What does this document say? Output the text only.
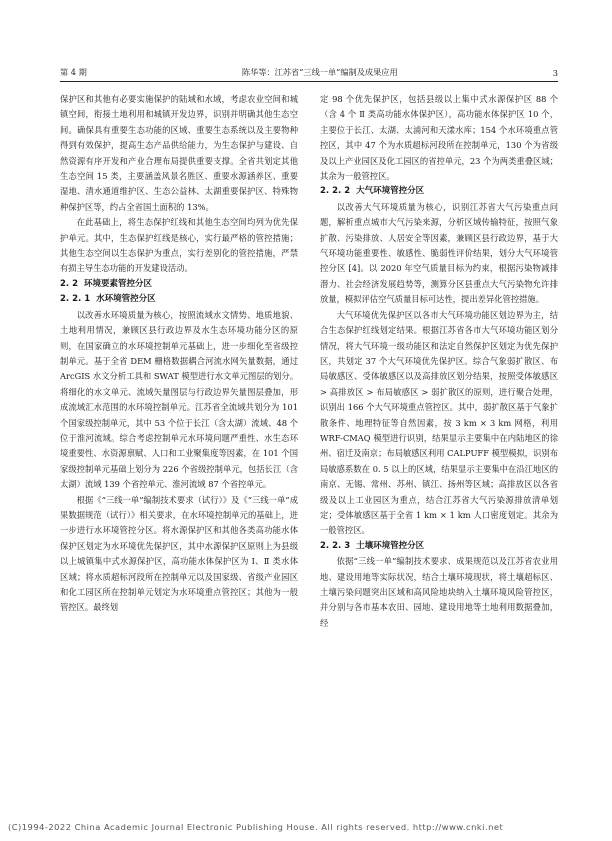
第 4 期	陈华等：江苏省“三线一单”编制及成果应用	3

保护区和其他有必要实施保护的陆域和水域，考虑农业空间和城镇空间，衔接土地利用和城镇开发边界，识别并明确其他生态空间。确保具有重要生态功能的区域、重要生态系统以及主要物种得到有效保护，提高生态产品供给能力，为生态保护与建设、自然资源有序开发和产业合理布局提供重要支撑。全省共划定其他生态空间 15 类，主要涵盖风景名胜区、重要水源涵养区、重要湿地、清水通道维护区、生态公益林、太湖重要保护区、特殊物种保护区等，约占全省国土面积的 13%。

在此基础上，将生态保护红线和其他生态空间均列为优先保护单元。其中，生态保护红线是核心，实行最严格的管控措施；其他生态空间以生态保护为重点，实行差别化的管控措施，严禁有损主导生态功能的开发建设活动。

2. 2 环境要素管控分区
2. 2. 1 水环境管控分区

以改善水环境质量为核心，按照流域水文情势、地质地貌、土地利用情况，兼顾区县行政边界及水生态环境功能分区的原则，在国家确立的水环境控制单元基础上，进一步细化至省级控制单元。基于全省 DEM 栅格数据耦合河流水网矢量数据，通过 ArcGIS 水文分析工具和 SWAT 模型进行水文单元图层的划分。将细化的水文单元、流域矢量图层与行政边界矢量图层叠加，形成流域汇水范围的水环境控制单元。江苏省全流域共划分为 101 个国家级控制单元，其中 53 个位于长江（含太湖）流域、48 个位于淮河流域。综合考虑控制单元水环境问题严重性、水生态环境重要性、水资源禀赋、人口和工业聚集度等因素，在 101 个国家级控制单元基础上划分为 226 个省级控制单元，包括长江（含太湖）流域 139 个省控单元、淮河流域 87 个省控单元。

根据《“三线一单”编制技术要求（试行）》及《“三线一单”成果数据规范（试行）》相关要求，在水环境控制单元的基础上，进一步进行水环境管控分区。将水源保护区和其他各类高功能水体保护区划定为水环境优先保护区，其中水源保护区原则上为县级以上城镇集中式水源保护区，高功能水体保护区为 Ⅰ、Ⅱ 类水体区域；将水质超标河段所在控制单元以及国家级、省级产业园区和化工园区所在控制单元划定为水环境重点管控区；其他为一般管控区。最终划

定 98 个优先保护区，包括县级以上集中式水源保护区 88 个（含 4 个 Ⅱ 类高功能水体保护区），高功能水体保护区 10 个，主要位于长江、太湖、太浦河和天漾水库；154 个水环境重点管控区，其中 47 个为水质超标河段所在控制单元，130 个为省级及以上产业园区及化工园区的省控单元，23 个为两类重叠区域；其余为一般管控区。

2. 2. 2 大气环境管控分区

以改善大气环境质量为核心，识别江苏省大气污染重点问题，解析重点城市大气污染来源，分析区域传输特征，按照气象扩散、污染排放、人居安全等因素，兼顾区县行政边界，基于大气环境功能重要性、敏感性、脆弱性评价结果，划分大气环境管控分区 [4]。以 2020 年空气质量目标为约束，根据污染物减排潜力、社会经济发展趋势等，测算分区县重点大气污染物允许排放量，模拟评估空气质量目标可达性，提出差异化管控措施。

大气环境优先保护区以各市大气环境功能区划边界为主，结合生态保护红线划定结果。根据江苏省各市大气环境功能区划分情况，将大气环境一级功能区和法定自然保护区划定为优先保护区，共划定 37 个大气环境优先保护区。综合气象弱扩散区、布局敏感区、受体敏感区以及高排放区划分结果，按照受体敏感区 > 高排放区 > 布局敏感区 > 弱扩散区的原则，进行聚合处理，识别出 166 个大气环境重点管控区。其中，弱扩散区基于气象扩散条件、地理特征等自然因素，按 3 km × 3 km 网格，利用 WRF-CMAQ 模型进行识别，结果显示主要集中在内陆地区的徐州、宿迁及南京；布局敏感区利用 CALPUFF 模型模拟，识别布局敏感系数在 0. 5 以上的区域，结果显示主要集中在沿江地区的南京、无锡、常州、苏州、镇江、扬州等区域；高排放区以各省级及以上工业园区为重点，结合江苏省大气污染源排放清单划定；受体敏感区基于全省 1 km × 1 km 人口密度划定。其余为一般管控区。

2. 2. 3 土壤环境管控分区

依据“三线一单”编制技术要求、成果规范以及江苏省农业用地、建设用地等实际状况，结合土壤环境现状，将土壤超标区、土壤污染问题突出区域和高风险地块纳入土壤环境风险管控区，并分别与各市基本农田、园地、建设用地等土地利用数据叠加，经

(C)1994-2022 China Academic Journal Electronic Publishing House. All rights reserved. http://www.cnki.net
